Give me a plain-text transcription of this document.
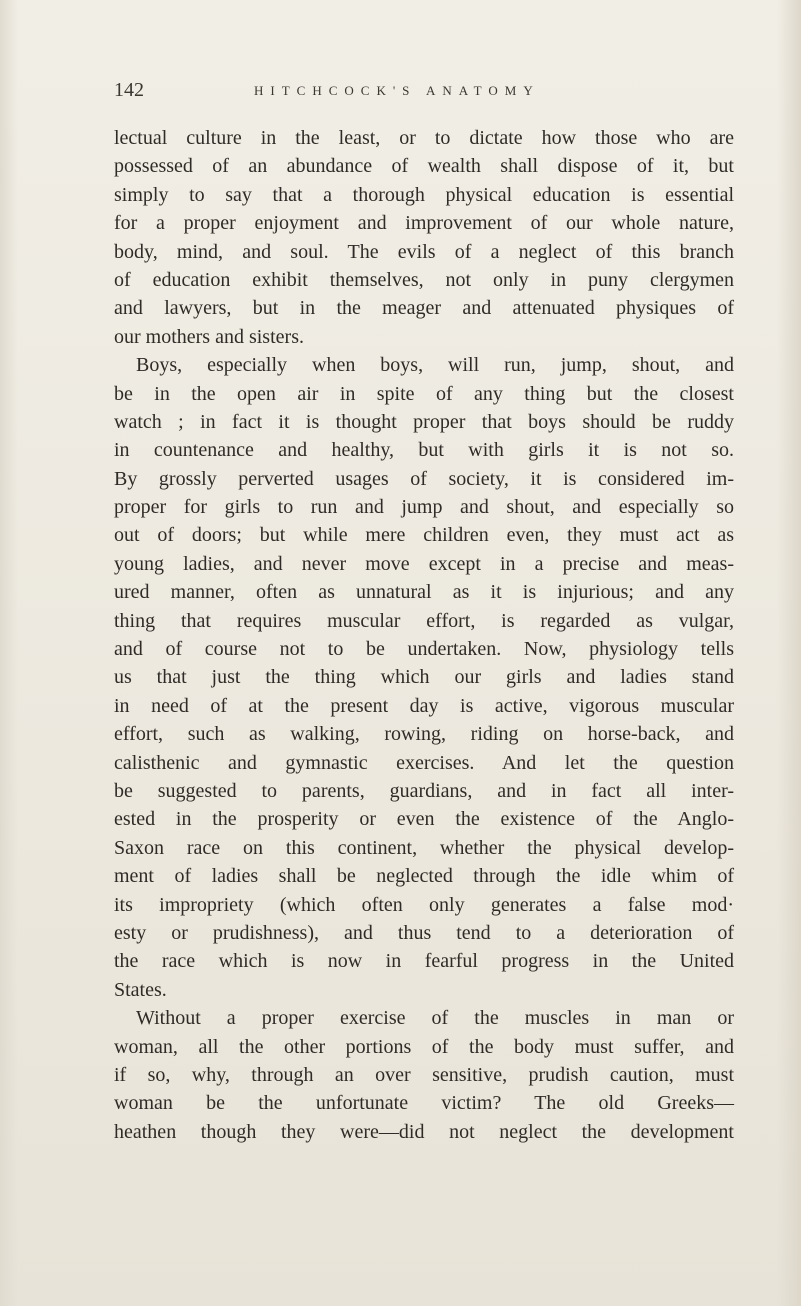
142	HITCHCOCK'S ANATOMY
lectual culture in the least, or to dictate how those who are
possessed of an abundance of wealth shall dispose of it, but
simply to say that a thorough physical education is essential
for a proper enjoyment and improvement of our whole nature,
body, mind, and soul. The evils of a neglect of this branch
of education exhibit themselves, not only in puny clergymen
and lawyers, but in the meager and attenuated physiques of
our mothers and sisters.
Boys, especially when boys, will run, jump, shout, and
be in the open air in spite of any thing but the closest
watch ; in fact it is thought proper that boys should be ruddy
in countenance and healthy, but with girls it is not so.
By grossly perverted usages of society, it is considered im-
proper for girls to run and jump and shout, and especially so
out of doors; but while mere children even, they must act as
young ladies, and never move except in a precise and meas-
ured manner, often as unnatural as it is injurious; and any
thing that requires muscular effort, is regarded as vulgar,
and of course not to be undertaken. Now, physiology tells
us that just the thing which our girls and ladies stand
in need of at the present day is active, vigorous muscular
effort, such as walking, rowing, riding on horse-back, and
calisthenic and gymnastic exercises. And let the question
be suggested to parents, guardians, and in fact all inter-
ested in the prosperity or even the existence of the Anglo-
Saxon race on this continent, whether the physical develop-
ment of ladies shall be neglected through the idle whim of
its impropriety (which often only generates a false mod·
esty or prudishness), and thus tend to a deterioration of
the race which is now in fearful progress in the United
States.
Without a proper exercise of the muscles in man or
woman, all the other portions of the body must suffer, and
if so, why, through an over sensitive, prudish caution, must
woman be the unfortunate victim? The old Greeks—
heathen though they were—did not neglect the development
